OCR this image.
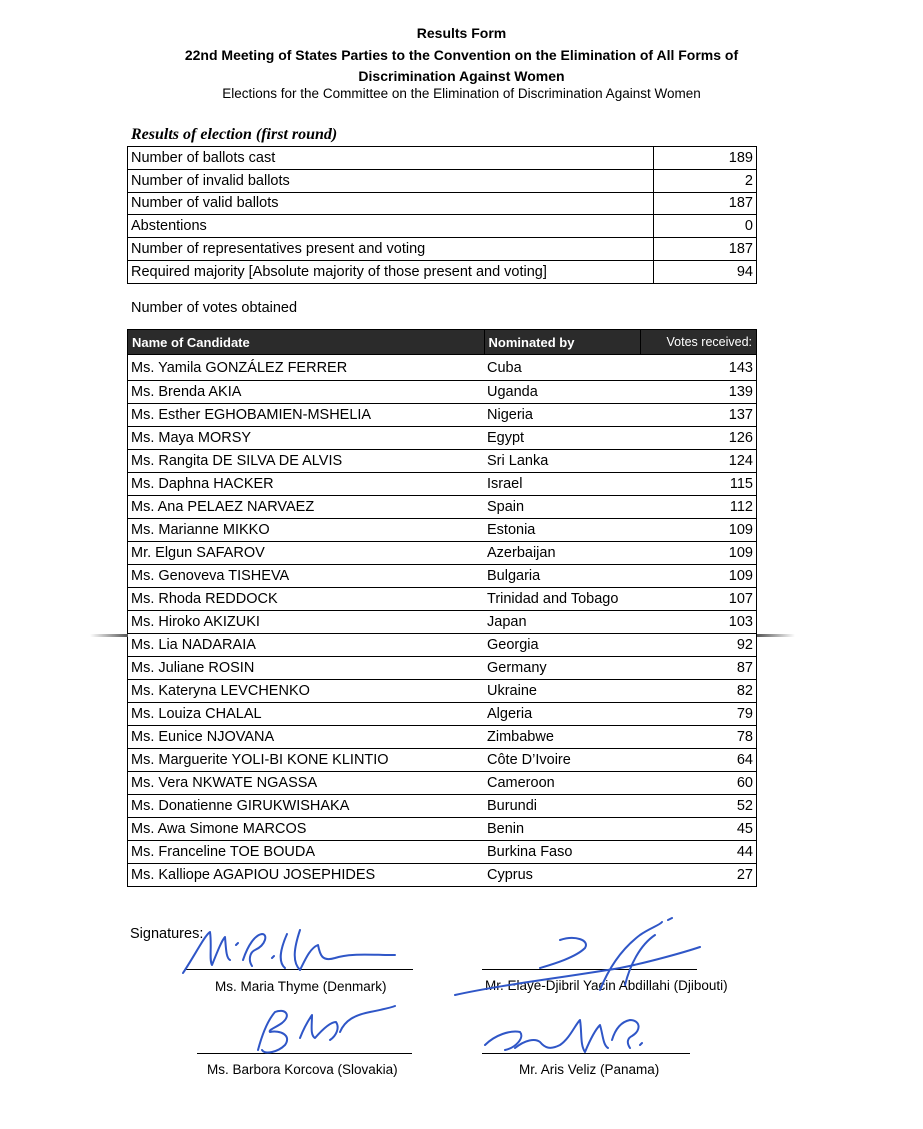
Results Form
22nd Meeting of States Parties to the Convention on the Elimination of All Forms of
Discrimination Against Women
Elections for the Committee on the Elimination of Discrimination Against Women
Results of election (first round)
Number of ballots cast	189
Number of invalid ballots	2
Number of valid ballots	187
Abstentions	0
Number of representatives present and voting	187
Required majority [Absolute majority of those present and voting]	94
Number of votes obtained
Name of Candidate	Nominated by	Votes received:
Ms. Yamila GONZÁLEZ FERRER	Cuba	143
Ms. Brenda AKIA	Uganda	139
Ms. Esther EGHOBAMIEN-MSHELIA	Nigeria	137
Ms. Maya MORSY	Egypt	126
Ms. Rangita DE SILVA DE ALVIS	Sri Lanka	124
Ms. Daphna HACKER	Israel	115
Ms. Ana PELAEZ NARVAEZ	Spain	112
Ms. Marianne MIKKO	Estonia	109
Mr. Elgun SAFAROV	Azerbaijan	109
Ms. Genoveva TISHEVA	Bulgaria	109
Ms. Rhoda REDDOCK	Trinidad and Tobago	107
Ms. Hiroko AKIZUKI	Japan	103
Ms. Lia NADARAIA	Georgia	92
Ms. Juliane ROSIN	Germany	87
Ms. Kateryna LEVCHENKO	Ukraine	82
Ms. Louiza CHALAL	Algeria	79
Ms. Eunice NJOVANA	Zimbabwe	78
Ms. Marguerite YOLI-BI KONE KLINTIO	Côte D’Ivoire	64
Ms. Vera NKWATE NGASSA	Cameroon	60
Ms. Donatienne GIRUKWISHAKA	Burundi	52
Ms. Awa Simone MARCOS	Benin	45
Ms. Franceline TOE BOUDA	Burkina Faso	44
Ms. Kalliope AGAPIOU JOSEPHIDES	Cyprus	27
Signatures:
Ms. Maria Thyme (Denmark)	Mr. Elaye-Djibril Yacin Abdillahi (Djibouti)
Ms. Barbora Korcova (Slovakia)	Mr. Aris Veliz (Panama)
